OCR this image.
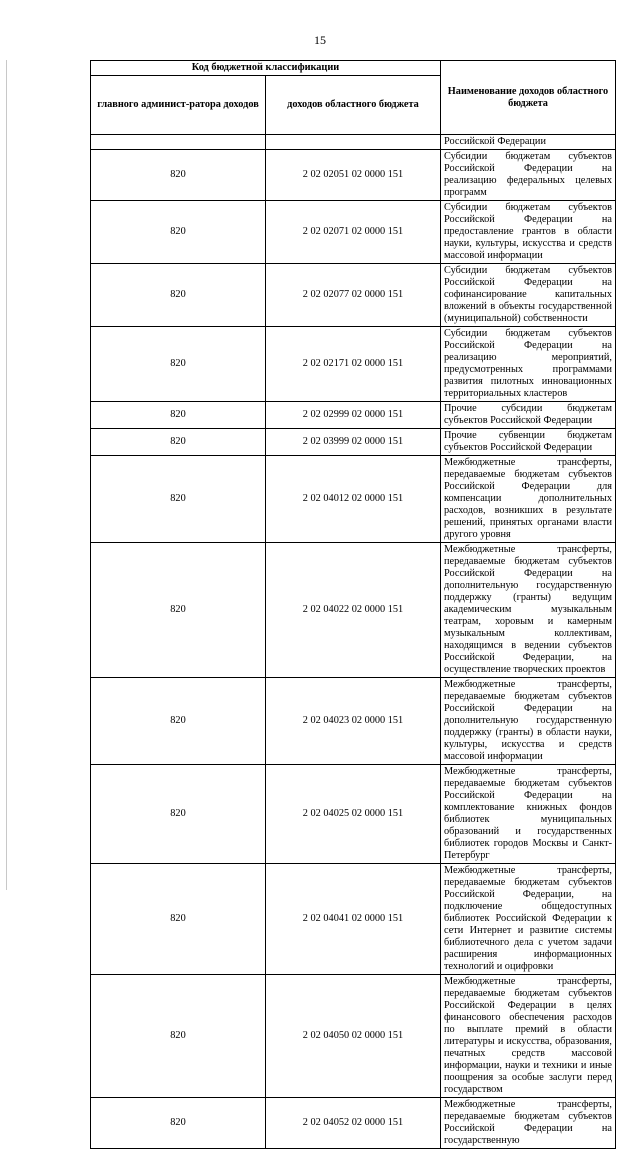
15
Код бюджетной классификации		Наименование доходов областного бюджета
главного админист-ратора доходов	доходов областного бюджета	
		Российской Федерации
820	2 02 02051 02 0000 151	Субсидии бюджетам субъектов Российской Федерации на реализацию федеральных целевых программ
820	2 02 02071 02 0000 151	Субсидии бюджетам субъектов Российской Федерации на предоставление грантов в области науки, культуры, искусства и средств массовой информации
820	2 02 02077 02 0000 151	Субсидии бюджетам субъектов Российской Федерации на софинансирование капитальных вложений в объекты государственной (муниципальной) собственности
820	2 02 02171 02 0000 151	Субсидии бюджетам субъектов Российской Федерации на реализацию мероприятий, предусмотренных программами развития пилотных инновационных территориальных кластеров
820	2 02 02999 02 0000 151	Прочие субсидии бюджетам субъектов Российской Федерации
820	2 02 03999 02 0000 151	Прочие субвенции бюджетам субъектов Российской Федерации
820	2 02 04012 02 0000 151	Межбюджетные трансферты, передаваемые бюджетам субъектов Российской Федерации для компенсации дополнительных расходов, возникших в результате решений, принятых органами власти другого уровня
820	2 02 04022 02 0000 151	Межбюджетные трансферты, передаваемые бюджетам субъектов Российской Федерации на дополнительную государственную поддержку (гранты) ведущим академическим музыкальным театрам, хоровым и камерным музыкальным коллективам, находящимся в ведении субъектов Российской Федерации, на осуществление творческих проектов
820	2 02 04023 02 0000 151	Межбюджетные трансферты, передаваемые бюджетам субъектов Российской Федерации на дополнительную государственную поддержку (гранты) в области науки, культуры, искусства и средств массовой информации
820	2 02 04025 02 0000 151	Межбюджетные трансферты, передаваемые бюджетам субъектов Российской Федерации на комплектование книжных фондов библиотек муниципальных образований и государственных библиотек городов Москвы и Санкт-Петербург
820	2 02 04041 02 0000 151	Межбюджетные трансферты, передаваемые бюджетам субъектов Российской Федерации, на подключение общедоступных библиотек Российской Федерации к сети Интернет и развитие системы библиотечного дела с учетом задачи расширения информационных технологий и оцифровки
820	2 02 04050 02 0000 151	Межбюджетные трансферты, передаваемые бюджетам субъектов Российской Федерации в целях финансового обеспечения расходов по выплате премий в области литературы и искусства, образования, печатных средств массовой информации, науки и техники и иные поощрения за особые заслуги перед государством
820	2 02 04052 02 0000 151	Межбюджетные трансферты, передаваемые бюджетам субъектов Российской Федерации на государственную
